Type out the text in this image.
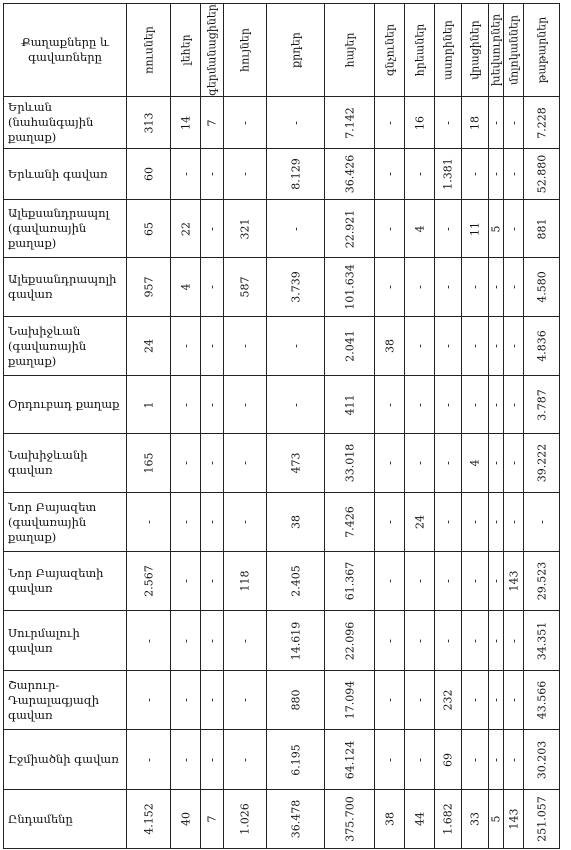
Քաղաքները և գավառները	ռուսներ	լեհեր	գերմանացիներ	հույներ	քրդեր	հայեր	գնչուներ	հրեաներ	ասորիներ	վրացիներ	խեվսուրներ	մոլոկաններ	թաթարներ

Երևան (նահանգային քաղաք)	313	14	7	-	-	7.142	-	16	-	18	-	-	7.228

Երևանի գավառ	60	-	-	-	8.129	36.426	-	-	1.381	-	-	-	52.880

Ալեքսանդրապոլ (գավառային քաղաք)	65	22	-	321	-	22.921	-	4	-	11	5	-	881

Ալեքսանդրապոլի գավառ	957	4	-	587	3.739	101.634	-	-	-	-	-	-	4.580

Նախիջևան (գավառային քաղաք)	24	-	-	-	-	2.041	38	-	-	-	-	-	4.836

Օրդուբադ քաղաք	1	-	-	-	-	411	-	-	-	-	-	-	3.787

Նախիջևանի գավառ	165	-	-	-	473	33.018	-	-	-	4	-	-	39.222

Նոր Բայազետ (գավառային քաղաք)	-	-	-	-	38	7.426	-	24	-	-	-	-	-

Նոր Բայազետի գավառ	2.567	-	-	118	2.405	61.367	-	-	-	-	-	143	29.523

Սուրմալուի գավառ	-	-	-	-	14.619	22.096	-	-	-	-	-	-	34.351

Շարուր-Դարալագյազի գավառ	-	-	-	-	880	17.094	-	-	232	-	-	-	43.566

Էջմիածնի գավառ	-	-	-	-	6.195	64.124	-	-	69	-	-	-	30.203

Ընդամենը	4.152	40	7	1.026	36.478	375.700	38	44	1.682	33	5	143	251.057
